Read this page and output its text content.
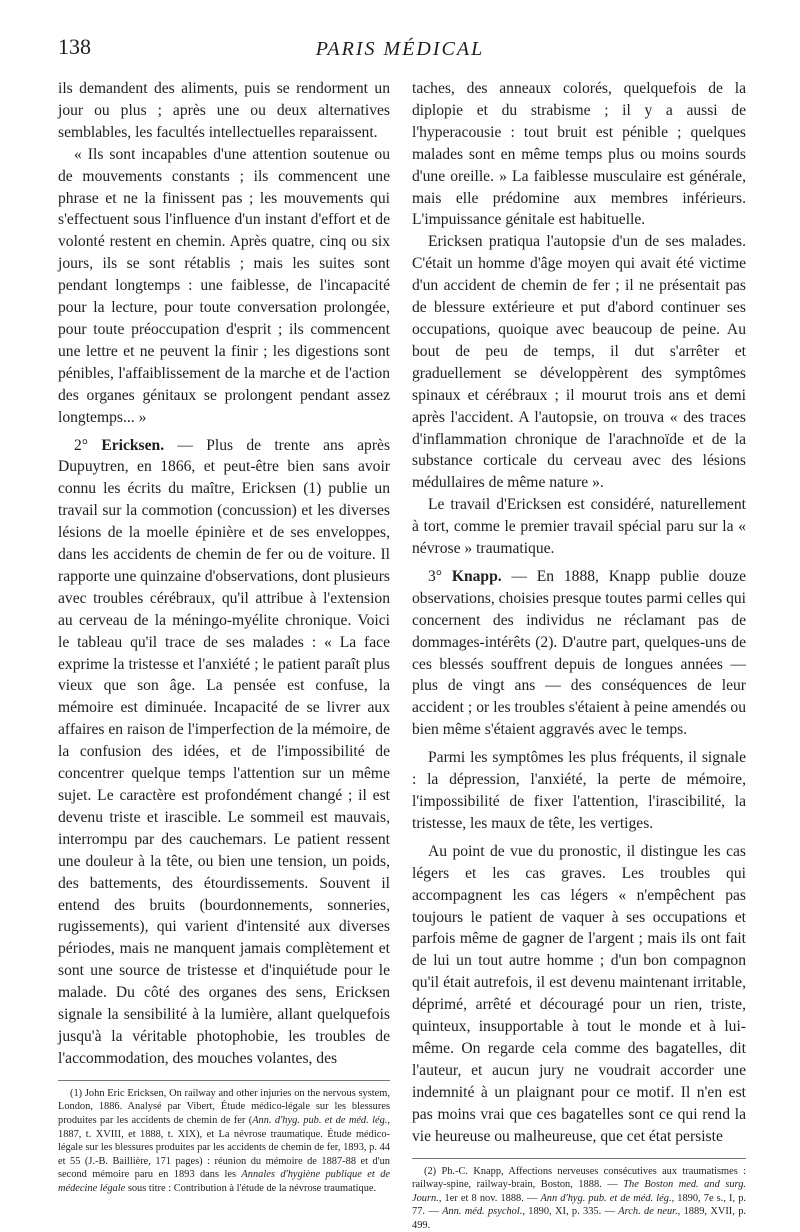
138	PARIS MÉDICAL

ils demandent des aliments, puis se rendorment un jour ou plus ; après une ou deux alternatives semblables, les facultés intellectuelles reparaissent.

« Ils sont incapables d'une attention soutenue ou de mouvements constants ; ils commencent une phrase et ne la finissent pas ; les mouvements qui s'effectuent sous l'influence d'un instant d'effort et de volonté restent en chemin. Après quatre, cinq ou six jours, ils se sont rétablis ; mais les suites sont pendant longtemps : une faiblesse, de l'incapacité pour la lecture, pour toute conversation prolongée, pour toute préoccupation d'esprit ; ils commencent une lettre et ne peuvent la finir ; les digestions sont pénibles, l'affaiblissement de la marche et de l'action des organes génitaux se prolongent pendant assez longtemps... »

2° Ericksen. — Plus de trente ans après Dupuytren, en 1866, et peut-être bien sans avoir connu les écrits du maître, Ericksen (1) publie un travail sur la commotion (concussion) et les diverses lésions de la moelle épinière et de ses enveloppes, dans les accidents de chemin de fer ou de voiture. Il rapporte une quinzaine d'observations, dont plusieurs avec troubles cérébraux, qu'il attribue à l'extension au cerveau de la méningo-myélite chronique. Voici le tableau qu'il trace de ses malades : « La face exprime la tristesse et l'anxiété ; le patient paraît plus vieux que son âge. La pensée est confuse, la mémoire est diminuée. Incapacité de se livrer aux affaires en raison de l'imperfection de la mémoire, de la confusion des idées, et de l'impossibilité de concentrer quelque temps l'attention sur un même sujet. Le caractère est profondément changé ; il est devenu triste et irascible. Le sommeil est mauvais, interrompu par des cauchemars. Le patient ressent une douleur à la tête, ou bien une tension, un poids, des battements, des étourdissements. Souvent il entend des bruits (bourdonnements, sonneries, rugissements), qui varient d'intensité aux diverses périodes, mais ne manquent jamais complètement et sont une source de tristesse et d'inquiétude pour le malade. Du côté des organes des sens, Ericksen signale la sensibilité à la lumière, allant quelquefois jusqu'à la véritable photophobie, les troubles de l'accommodation, des mouches volantes, des

(1) John Eric Ericksen, On railway and other injuries on the nervous system, London, 1886. Analysé par Vibert, Étude médico-légale sur les blessures produites par les accidents de chemin de fer (Ann. d'hyg. pub. et de méd. lég., 1887, t. XVIII, et 1888, t. XIX), et La névrose traumatique. Étude médico-légale sur les blessures produites par les accidents de chemin de fer, 1893, p. 44 et 55 (J.-B. Baillière, 171 pages) : réunion du mémoire de 1887-88 et d'un second mémoire paru en 1893 dans les Annales d'hygiène publique et de médecine légale sous titre : Contribution à l'étude de la névrose traumatique.

taches, des anneaux colorés, quelquefois de la diplopie et du strabisme ; il y a aussi de l'hyperacousie : tout bruit est pénible ; quelques malades sont en même temps plus ou moins sourds d'une oreille. » La faiblesse musculaire est générale, mais elle prédomine aux membres inférieurs. L'impuissance génitale est habituelle.

Ericksen pratiqua l'autopsie d'un de ses malades. C'était un homme d'âge moyen qui avait été victime d'un accident de chemin de fer ; il ne présentait pas de blessure extérieure et put d'abord continuer ses occupations, quoique avec beaucoup de peine. Au bout de peu de temps, il dut s'arrêter et graduellement se développèrent des symptômes spinaux et cérébraux ; il mourut trois ans et demi après l'accident. A l'autopsie, on trouva « des traces d'inflammation chronique de l'arachnoïde et de la substance corticale du cerveau avec des lésions médullaires de même nature ».

Le travail d'Ericksen est considéré, naturellement à tort, comme le premier travail spécial paru sur la « névrose » traumatique.

3° Knapp. — En 1888, Knapp publie douze observations, choisies presque toutes parmi celles qui concernent des individus ne réclamant pas de dommages-intérêts (2). D'autre part, quelques-uns de ces blessés souffrent depuis de longues années — plus de vingt ans — des conséquences de leur accident ; or les troubles s'étaient à peine amendés ou bien même s'étaient aggravés avec le temps.

Parmi les symptômes les plus fréquents, il signale : la dépression, l'anxiété, la perte de mémoire, l'impossibilité de fixer l'attention, l'irascibilité, la tristesse, les maux de tête, les vertiges.

Au point de vue du pronostic, il distingue les cas légers et les cas graves. Les troubles qui accompagnent les cas légers « n'empêchent pas toujours le patient de vaquer à ses occupations et parfois même de gagner de l'argent ; mais ils ont fait de lui un tout autre homme ; d'un bon compagnon qu'il était autrefois, il est devenu maintenant irritable, déprimé, arrêté et découragé pour un rien, triste, quinteux, insupportable à tout le monde et à lui-même. On regarde cela comme des bagatelles, dit l'auteur, et aucun jury ne voudrait accorder une indemnité à un plaignant pour ce motif. Il n'en est pas moins vrai que ces bagatelles sont ce qui rend la vie heureuse ou malheureuse, que cet état persiste

(2) Ph.-C. Knapp, Affections nerveuses consécutives aux traumatismes : railway-spine, railway-brain, Boston, 1888. — The Boston med. and surg. Journ., 1er et 8 nov. 1888. — Ann d'hyg. pub. et de méd. lég., 1890, 7e s., I, p. 77. — Ann. méd. psychol., 1890, XI, p. 335. — Arch. de neur., 1889, XVII, p. 499.
